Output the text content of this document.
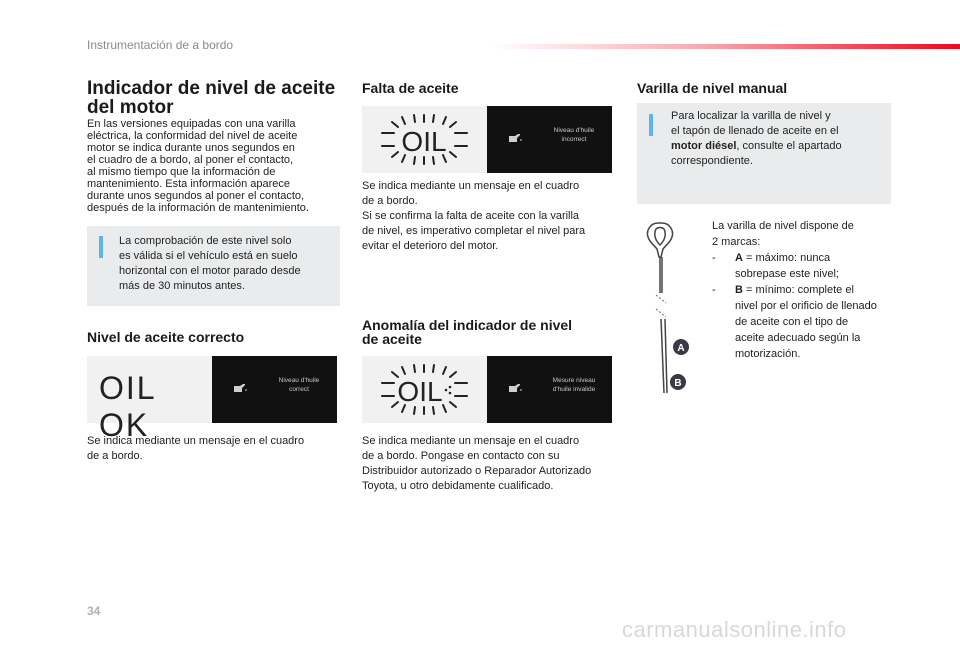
Instrumentación de a bordo
Indicador de nivel de aceite
del motor
En las versiones equipadas con una varilla
eléctrica, la conformidad del nivel de aceite
motor se indica durante unos segundos en
el cuadro de a bordo, al poner el contacto,
al mismo tiempo que la información de
mantenimiento. Esta información aparece
durante unos segundos al poner el contacto,
después de la información de mantenimiento.
La comprobación de este nivel solo
es válida si el vehículo está en suelo
horizontal con el motor parado desde
más de 30 minutos antes.
Nivel de aceite correcto
OIL OK
Niveau d'huile
correct
Se indica mediante un mensaje en el cuadro
de a bordo.
Falta de aceite
OIL	Niveau d'huile
incorrect
Se indica mediante un mensaje en el cuadro
de a bordo.
Si se confirma la falta de aceite con la varilla
de nivel, es imperativo completar el nivel para
evitar el deterioro del motor.
Anomalía del indicador de nivel
de aceite
OIL	Mesure niveau
d'huile invalide
Se indica mediante un mensaje en el cuadro
de a bordo. Pongase en contacto con su
Distribuidor autorizado o Reparador Autorizado
Toyota, u otro debidamente cualificado.
Varilla de nivel manual
Para localizar la varilla de nivel y
el tapón de llenado de aceite en el
motor diésel, consulte el apartado
correspondiente.
A
B
La varilla de nivel dispone de
2 marcas:
- A = máximo: nunca
sobrepase este nivel;
- B = mínimo: complete el
nivel por el orificio de llenado
de aceite con el tipo de
aceite adecuado según la
motorización.
34
carmanualsonline.info
